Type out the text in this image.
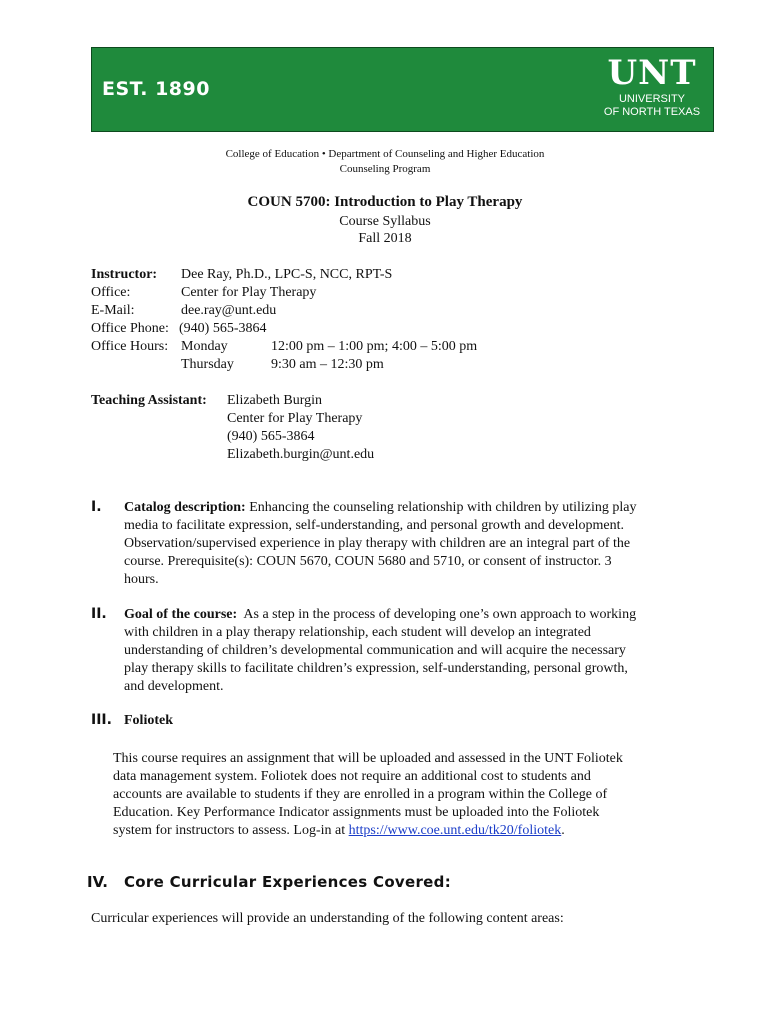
EST. 1890	UNT
UNIVERSITY
OF NORTH TEXAS
College of Education • Department of Counseling and Higher Education
Counseling Program
COUN 5700: Introduction to Play Therapy
Course Syllabus
Fall 2018
Instructor: Dee Ray, Ph.D., LPC-S, NCC, RPT-S
Office:	Center for Play Therapy
E-Mail:	dee.ray@unt.edu
Office Phone: (940) 565-3864
Office Hours: Monday	12:00 pm – 1:00 pm; 4:00 – 5:00 pm
Thursday	9:30 am – 12:30 pm
Teaching Assistant: Elizabeth Burgin
Center for Play Therapy
(940) 565-3864
Elizabeth.burgin@unt.edu
I. Catalog description: Enhancing the counseling relationship with children by utilizing play
media to facilitate expression, self-understanding, and personal growth and development.
Observation/supervised experience in play therapy with children are an integral part of the
course. Prerequisite(s): COUN 5670, COUN 5680 and 5710, or consent of instructor. 3
hours.
II. Goal of the course:  As a step in the process of developing one’s own approach to working
with children in a play therapy relationship, each student will develop an integrated
understanding of children’s developmental communication and will acquire the necessary
play therapy skills to facilitate children’s expression, self-understanding, personal growth,
and development.
III. Foliotek
This course requires an assignment that will be uploaded and assessed in the UNT Foliotek
data management system. Foliotek does not require an additional cost to students and
accounts are available to students if they are enrolled in a program within the College of
Education. Key Performance Indicator assignments must be uploaded into the Foliotek
system for instructors to assess. Log-in at https://www.coe.unt.edu/tk20/foliotek.
IV. Core Curricular Experiences Covered:
Curricular experiences will provide an understanding of the following content areas:
